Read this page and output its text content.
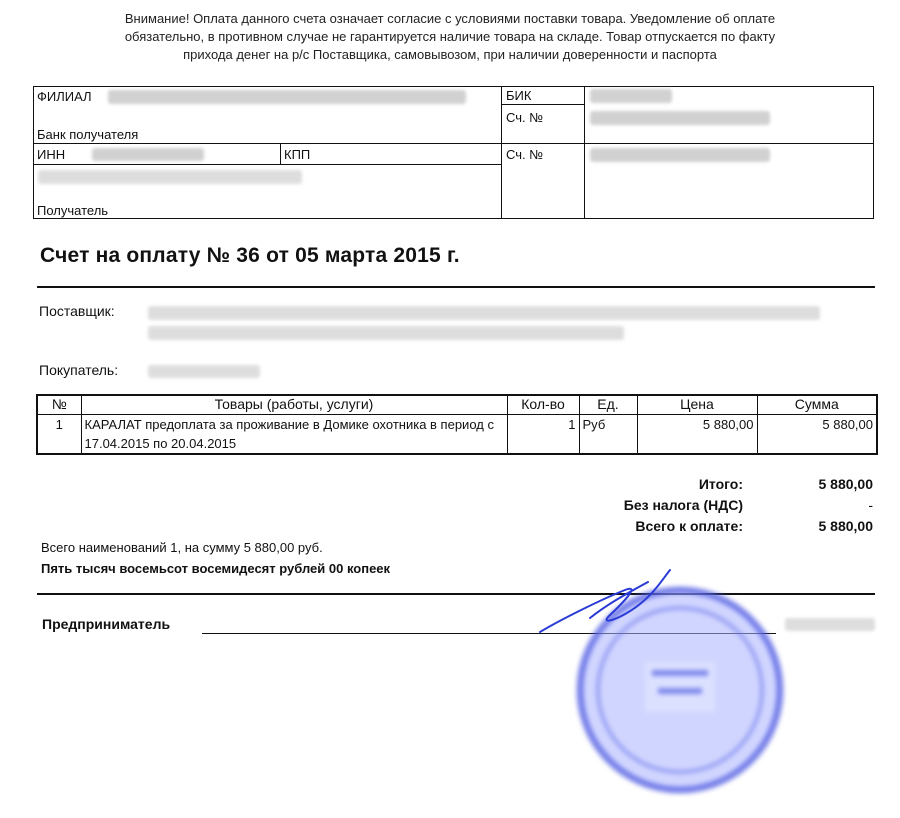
Внимание! Оплата данного счета означает согласие с условиями поставки товара. Уведомление об оплате
обязательно, в противном случае не гарантируется наличие товара на складе. Товар отпускается по факту
прихода денег на р/с Поставщика, самовывозом, при наличии доверенности и паспорта
ФИЛИАЛ
Банк получателя
БИК
Сч. №
ИНН	КПП
Получатель
Сч. №
Счет на оплату № 36 от 05 марта 2015 г.
Поставщик:
Покупатель:
№	Товары (работы, услуги)	Кол-во	Ед.	Цена	Сумма
1	КАРАЛАТ предоплата за проживание в Домике охотника в период с 17.04.2015 по 20.04.2015	1	Руб	5 880,00	5 880,00
Итого:	5 880,00
Без налога (НДС)	-
Всего к оплате:	5 880,00
Всего наименований 1, на сумму 5 880,00 руб.
Пять тысяч восемьсот восемидесят рублей 00 копеек
Предприниматель
